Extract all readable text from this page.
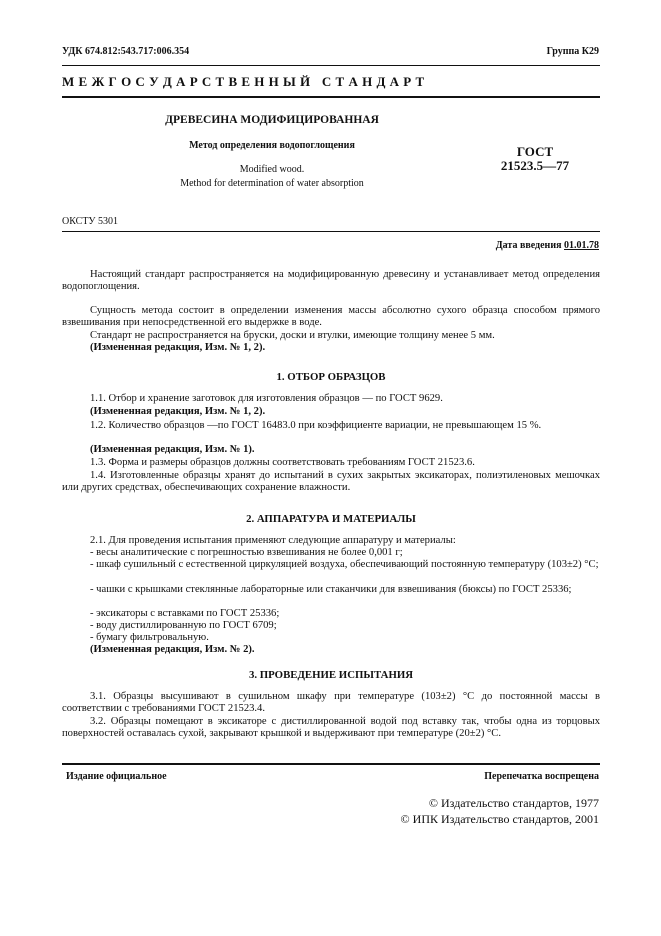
УДК 674.812:543.717:006.354	Группа К29
М Е Ж Г О С У Д А Р С Т В Е Н Н Ы Й   С Т А Н Д А Р Т
ДРЕВЕСИНА МОДИФИЦИРОВАННАЯ
Метод определения водопоглощения
Modified wood.
Method for determination of water absorption
ГОСТ
21523.5—77
ОКСТУ 5301
Дата введения 01.01.78
Настоящий стандарт распространяется на модифицированную древесину и устанавливает метод определения водопоглощения.
Сущность метода состоит в определении изменения массы абсолютно сухого образца способом прямого взвешивания при непосредственной его выдержке в воде.
Стандарт не распространяется на бруски, доски и втулки, имеющие толщину менее 5 мм.
(Измененная редакция, Изм. № 1, 2).
1. ОТБОР ОБРАЗЦОВ
1.1. Отбор и хранение заготовок для изготовления образцов — по ГОСТ 9629.
(Измененная редакция, Изм. № 1, 2).
1.2. Количество образцов —по ГОСТ 16483.0 при коэффициенте вариации, не превышающем 15 %.
(Измененная редакция, Изм. № 1).
1.3. Форма и размеры образцов должны соответствовать требованиям ГОСТ 21523.6.
1.4. Изготовленные образцы хранят до испытаний в сухих закрытых эксикаторах, полиэтиленовых мешочках или других средствах, обеспечивающих сохранение влажности.
2. АППАРАТУРА И МАТЕРИАЛЫ
2.1. Для проведения испытания применяют следующие аппаратуру и материалы:
- весы аналитические с погрешностью взвешивания не более 0,001 г;
- шкаф сушильный с естественной циркуляцией воздуха, обеспечивающий постоянную температуру (103±2) °С;
- чашки с крышками стеклянные лабораторные или стаканчики для взвешивания (бюксы) по ГОСТ 25336;
- эксикаторы с вставками по ГОСТ 25336;
- воду дистиллированную по ГОСТ 6709;
- бумагу фильтровальную.
(Измененная редакция, Изм. № 2).
3. ПРОВЕДЕНИЕ ИСПЫТАНИЯ
3.1. Образцы высушивают в сушильном шкафу при температуре (103±2) °С до постоянной массы в соответствии с требованиями ГОСТ 21523.4.
3.2. Образцы помещают в эксикаторе с дистиллированной водой под вставку так, чтобы одна из торцовых поверхностей оставалась сухой, закрывают крышкой и выдерживают при температуре (20±2) °С.
Издание официальное	Перепечатка воспрещена
© Издательство стандартов, 1977
© ИПК Издательство стандартов, 2001
